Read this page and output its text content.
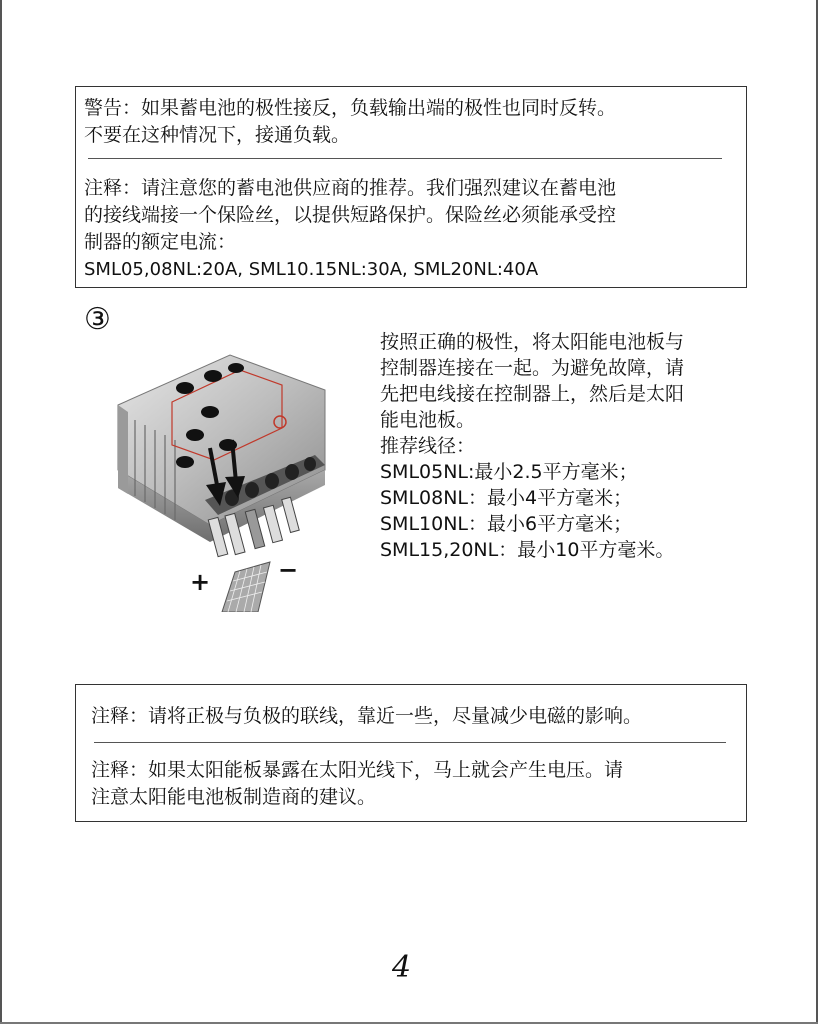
警告：如果蓄电池的极性接反，负载输出端的极性也同时反转。
不要在这种情况下，接通负载。
注释：请注意您的蓄电池供应商的推荐。我们强烈建议在蓄电池
的接线端接一个保险丝，以提供短路保护。保险丝必须能承受控
制器的额定电流：
SML05,08NL:20A, SML10.15NL:30A, SML20NL:40A
③
+	−
按照正确的极性，将太阳能电池板与
控制器连接在一起。为避免故障，请
先把电线接在控制器上，然后是太阳
能电池板。
推荐线径：
SML05NL:最小2.5平方毫米；
SML08NL：最小4平方毫米；
SML10NL：最小6平方毫米；
SML15,20NL：最小10平方毫米。
注释：请将正极与负极的联线，靠近一些，尽量减少电磁的影响。
注释：如果太阳能板暴露在太阳光线下，马上就会产生电压。请
注意太阳能电池板制造商的建议。
4
